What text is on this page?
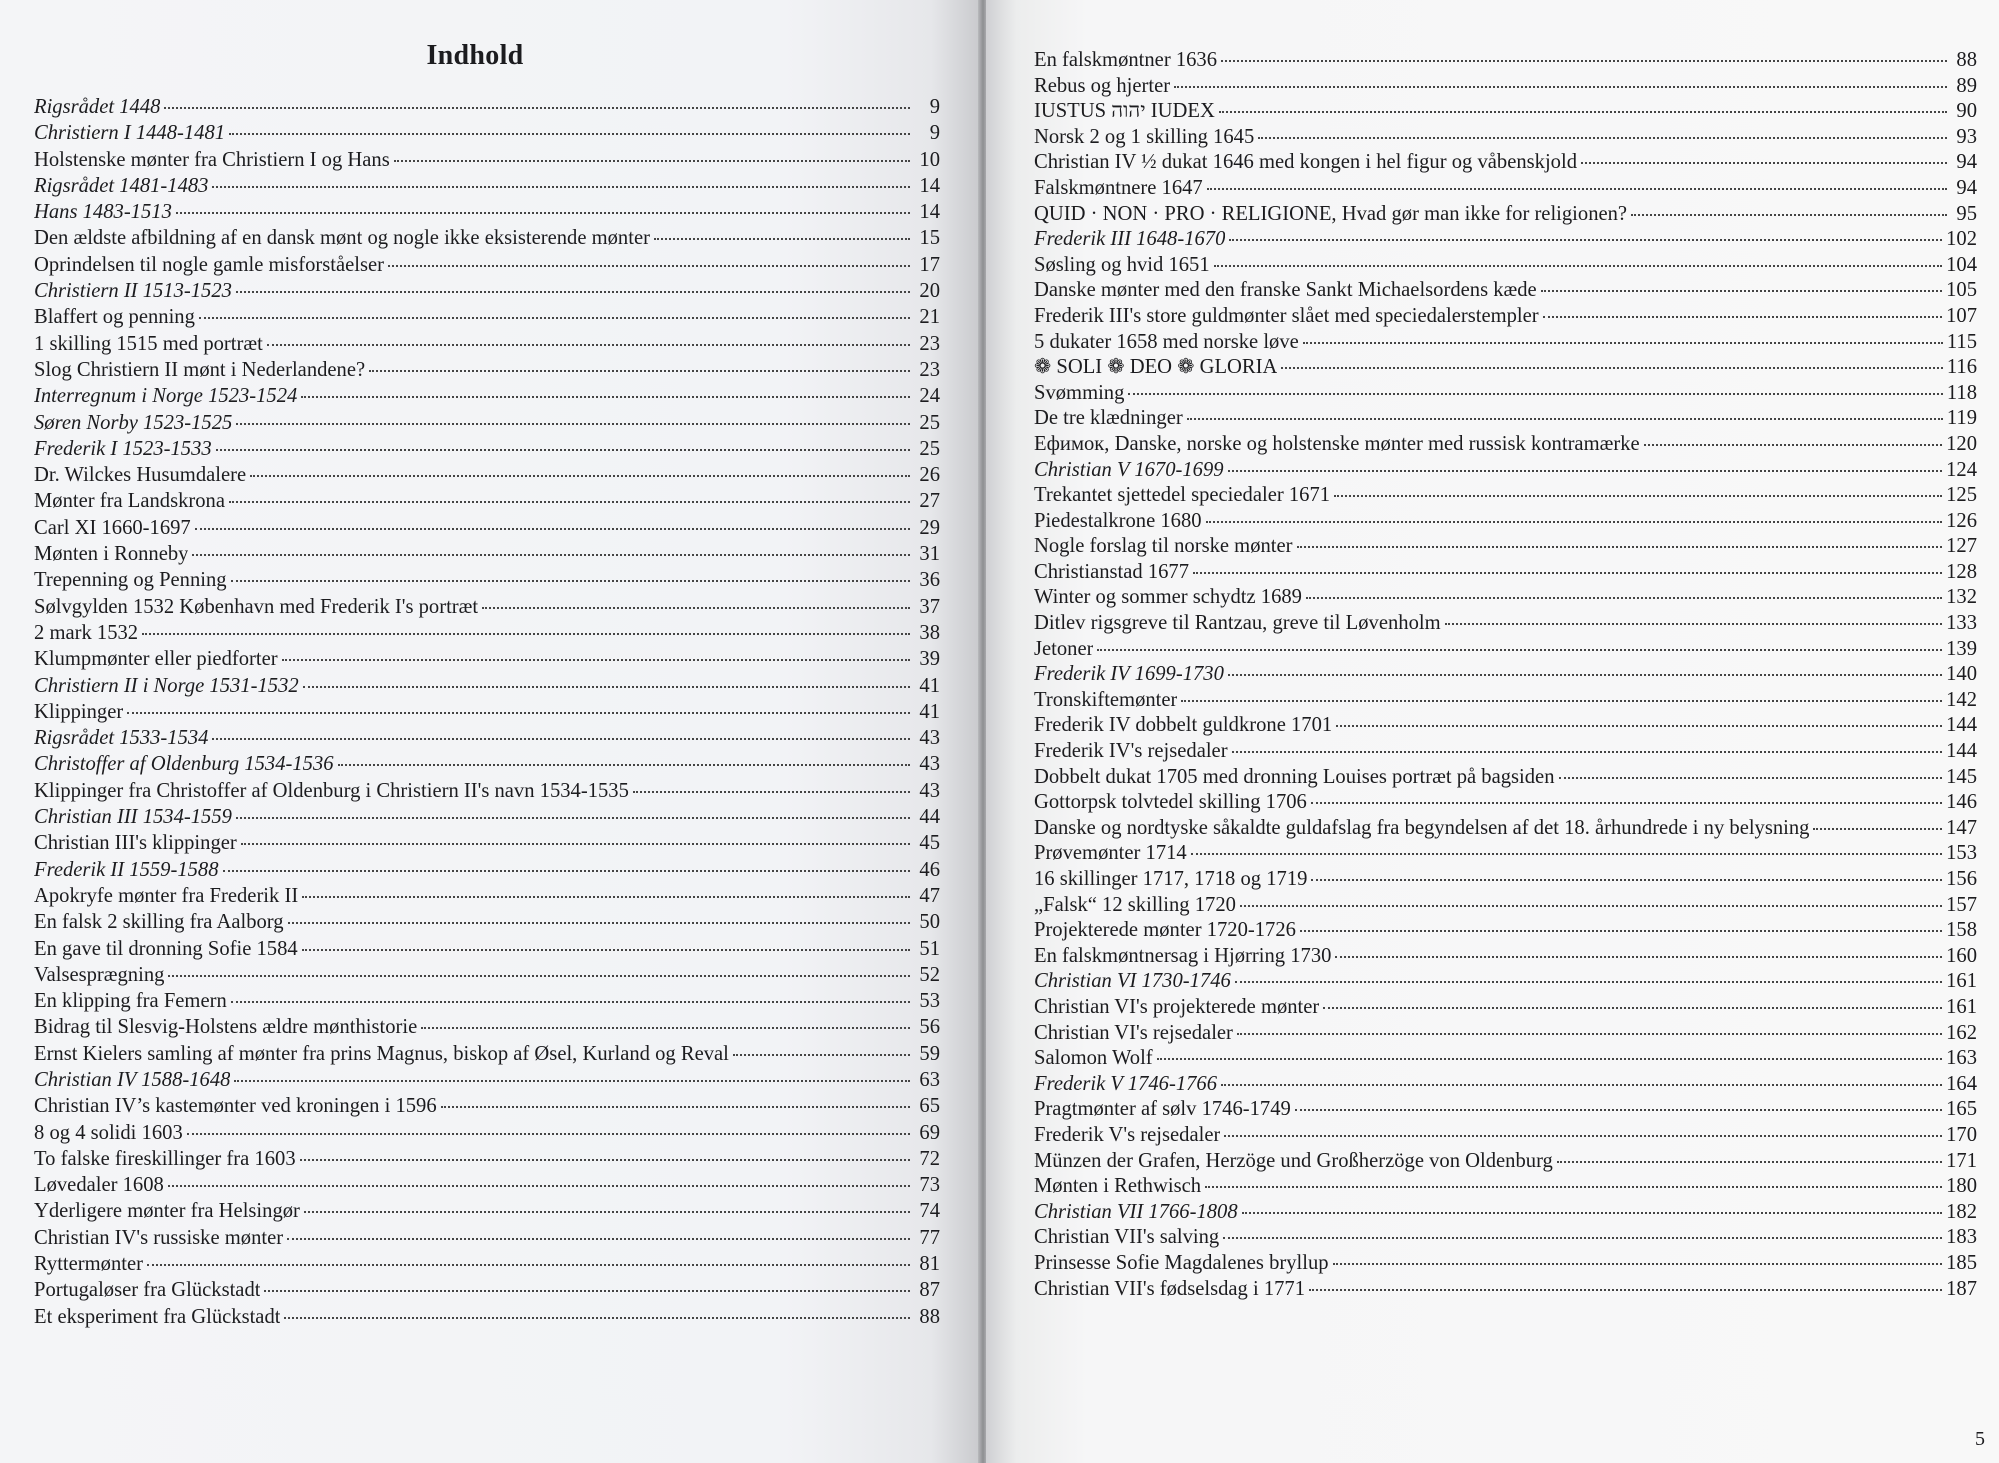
Indhold
Rigsrådet 1448	9
Christiern I 1448-1481	9
Holstenske mønter fra Christiern I og Hans	10
Rigsrådet 1481-1483	14
Hans 1483-1513	14
Den ældste afbildning af en dansk mønt og nogle ikke eksisterende mønter	15
Oprindelsen til nogle gamle misforståelser	17
Christiern II 1513-1523	20
Blaffert og penning	21
1 skilling 1515 med portræt	23
Slog Christiern II mønt i Nederlandene?	23
Interregnum i Norge 1523-1524	24
Søren Norby 1523-1525	25
Frederik I 1523-1533	25
Dr. Wilckes Husumdalere	26
Mønter fra Landskrona	27
Carl XI 1660-1697	29
Mønten i Ronneby	31
Trepenning og Penning	36
Sølvgylden 1532 København med Frederik I's portræt	37
2 mark 1532	38
Klumpmønter eller piedforter	39
Christiern II i Norge 1531-1532	41
Klippinger	41
Rigsrådet 1533-1534	43
Christoffer af Oldenburg 1534-1536	43
Klippinger fra Christoffer af Oldenburg i Christiern II's navn 1534-1535	43
Christian III 1534-1559	44
Christian III's klippinger	45
Frederik II 1559-1588	46
Apokryfe mønter fra Frederik II	47
En falsk 2 skilling fra Aalborg	50
En gave til dronning Sofie 1584	51
Valsesprægning	52
En klipping fra Femern	53
Bidrag til Slesvig-Holstens ældre mønthistorie	56
Ernst Kielers samling af mønter fra prins Magnus, biskop af Øsel, Kurland og Reval	59
Christian IV 1588-1648	63
Christian IV’s kastemønter ved kroningen i 1596	65
8 og 4 solidi 1603	69
To falske fireskillinger fra 1603	72
Løvedaler 1608	73
Yderligere mønter fra Helsingør	74
Christian IV's russiske mønter	77
Ryttermønter	81
Portugaløser fra Glückstadt	87
Et eksperiment fra Glückstadt	88
En falskmøntner 1636	88
Rebus og hjerter	89
IUSTUS יהוה IUDEX	90
Norsk 2 og 1 skilling 1645	93
Christian IV ½ dukat 1646 med kongen i hel figur og våbenskjold	94
Falskmøntnere 1647	94
QUID · NON · PRO · RELIGIONE, Hvad gør man ikke for religionen?	95
Frederik III 1648-1670	102
Søsling og hvid 1651	104
Danske mønter med den franske Sankt Michaelsordens kæde	105
Frederik III's store guldmønter slået med speciedalerstempler	107
5 dukater 1658 med norske løve	115
❁ SOLI ❁ DEO ❁ GLORIA	116
Svømming	118
De tre klædninger	119
Ефимок, Danske, norske og holstenske mønter med russisk kontramærke	120
Christian V 1670-1699	124
Trekantet sjettedel speciedaler 1671	125
Piedestalkrone 1680	126
Nogle forslag til norske mønter	127
Christianstad 1677	128
Winter og sommer schydtz 1689	132
Ditlev rigsgreve til Rantzau, greve til Løvenholm	133
Jetoner	139
Frederik IV 1699-1730	140
Tronskiftemønter	142
Frederik IV dobbelt guldkrone 1701	144
Frederik IV's rejsedaler	144
Dobbelt dukat 1705 med dronning Louises portræt på bagsiden	145
Gottorpsk tolvtedel skilling 1706	146
Danske og nordtyske såkaldte guldafslag fra begyndelsen af det 18. århundrede i ny belysning	147
Prøvemønter 1714	153
16 skillinger 1717, 1718 og 1719	156
„Falsk“ 12 skilling 1720	157
Projekterede mønter 1720-1726	158
En falskmøntnersag i Hjørring 1730	160
Christian VI 1730-1746	161
Christian VI's projekterede mønter	161
Christian VI's rejsedaler	162
Salomon Wolf	163
Frederik V 1746-1766	164
Pragtmønter af sølv 1746-1749	165
Frederik V's rejsedaler	170
Münzen der Grafen, Herzöge und Großherzöge von Oldenburg	171
Mønten i Rethwisch	180
Christian VII 1766-1808	182
Christian VII's salving	183
Prinsesse Sofie Magdalenes bryllup	185
Christian VII's fødselsdag i 1771	187
5
